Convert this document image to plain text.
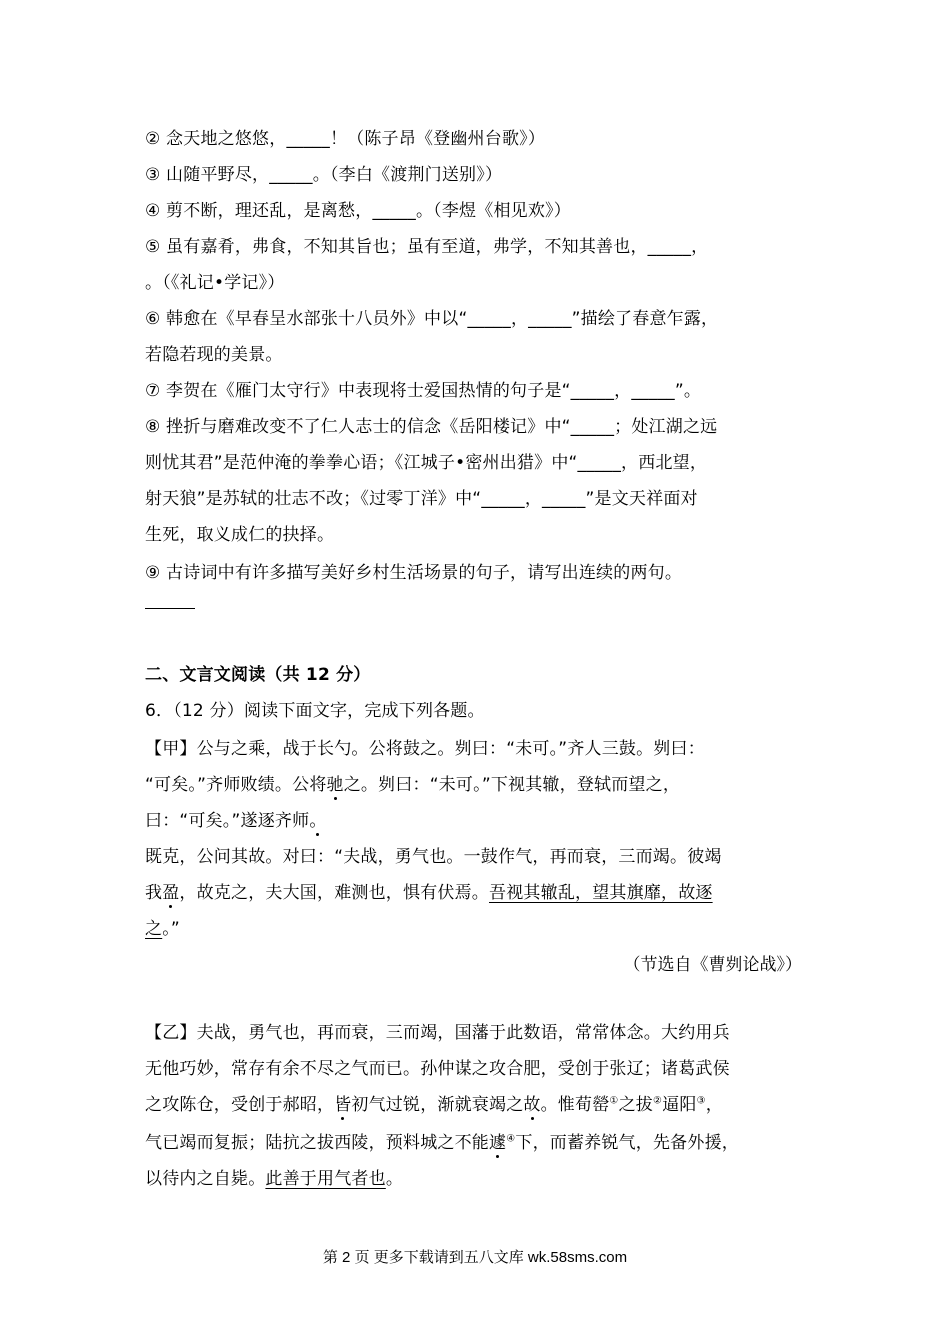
② 念天地之悠悠，_____！（陈子昂《登幽州台歌》）
③ 山随平野尽，_____。（李白《渡荆门送别》）
④ 剪不断，理还乱，是离愁，_____。（李煜《相见欢》）
⑤ 虽有嘉肴，弗食，不知其旨也；虽有至道，弗学，不知其善也，_____，
。（《礼记•学记》）
⑥ 韩愈在《早春呈水部张十八员外》中以“_____，_____”描绘了春意乍露，
若隐若现的美景。
⑦ 李贺在《雁门太守行》中表现将士爱国热情的句子是“_____，_____”。
⑧ 挫折与磨难改变不了仁人志士的信念《岳阳楼记》中“_____；处江湖之远
则忧其君”是范仲淹的拳拳心语；《江城子•密州出猎》中“_____，西北望，
射天狼”是苏轼的壮志不改；《过零丁洋》中“_____，_____”是文天祥面对
生死，取义成仁的抉择。
⑨ 古诗词中有许多描写美好乡村生活场景的句子，请写出连续的两句。
二、文言文阅读（共 12 分）
6．（12 分）阅读下面文字，完成下列各题。
【甲】公与之乘，战于长勺。公将鼓之。刿曰：“未可。”齐人三鼓。刿曰：
“可矣。”齐师败绩。公将驰之。刿曰：“未可。”下视其辙，登轼而望之，
曰：“可矣。”遂逐齐师。
既克，公问其故。对曰：“夫战，勇气也。一鼓作气，再而衰，三而竭。彼竭
我盈，故克之，夫大国，难测也，惧有伏焉。吾视其辙乱，望其旗靡，故逐
之。”
（节选自《曹刿论战》）
【乙】夫战，勇气也，再而衰，三而竭，国藩于此数语，常常体念。大约用兵
无他巧妙，常存有余不尽之气而已。孙仲谋之攻合肥，受创于张辽；诸葛武侯
之攻陈仓，受创于郝昭，皆初气过锐，渐就衰竭之故。惟荀罃①之拔②逼阳③，
气已竭而复振；陆抗之拔西陵，预料城之不能遽④下，而蓄养锐气，先备外援，
以待内之自毙。此善于用气者也。
第 2 页 更多下载请到五八文库 wk.58sms.com
